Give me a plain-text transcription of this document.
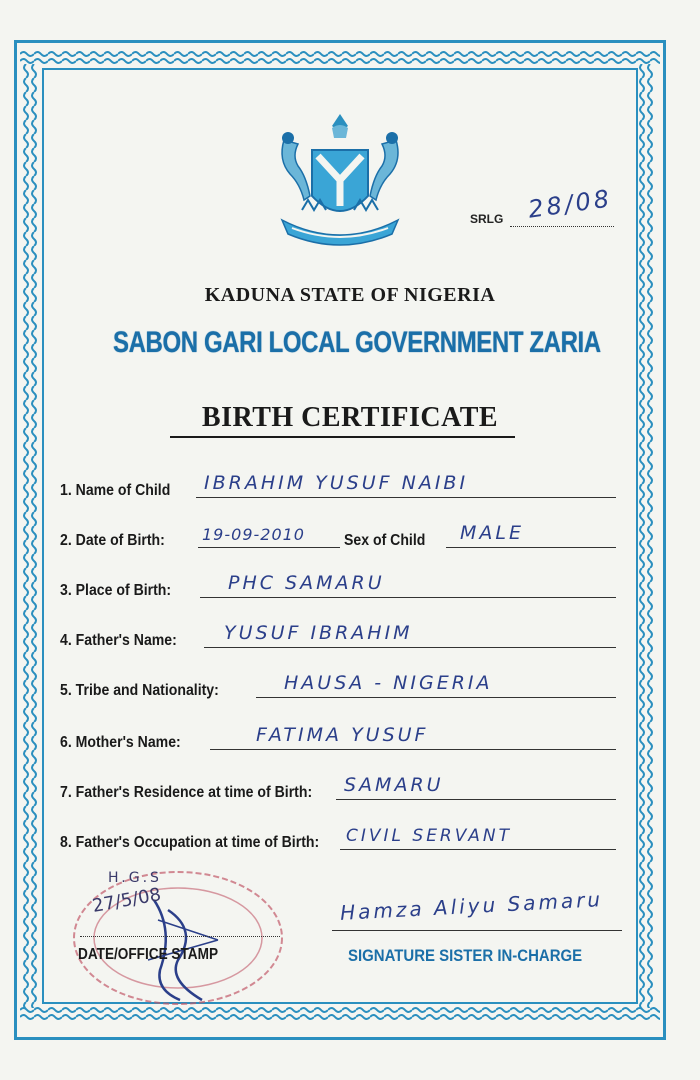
SRLG 28/08
KADUNA STATE OF NIGERIA
SABON GARI LOCAL GOVERNMENT ZARIA
BIRTH CERTIFICATE
1. Name of Child IBRAHIM YUSUF NAIBI
2. Date of Birth: 19-09-2010 Sex of Child MALE
3. Place of Birth:	PHC SAMARU
4. Father's Name: YUSUF IBRAHIM
5. Tribe and Nationality:	HAUSA - NIGERIA
6. Mother's Name:	FATIMA YUSUF
7. Father's Residence at time of Birth: SAMARU
8. Father's Occupation at time of Birth: CIVIL SERVANT
H.G.S
27/5/08
DATE/OFFICE STAMP
Hamza Aliyu Samaru
SIGNATURE SISTER IN-CHARGE
